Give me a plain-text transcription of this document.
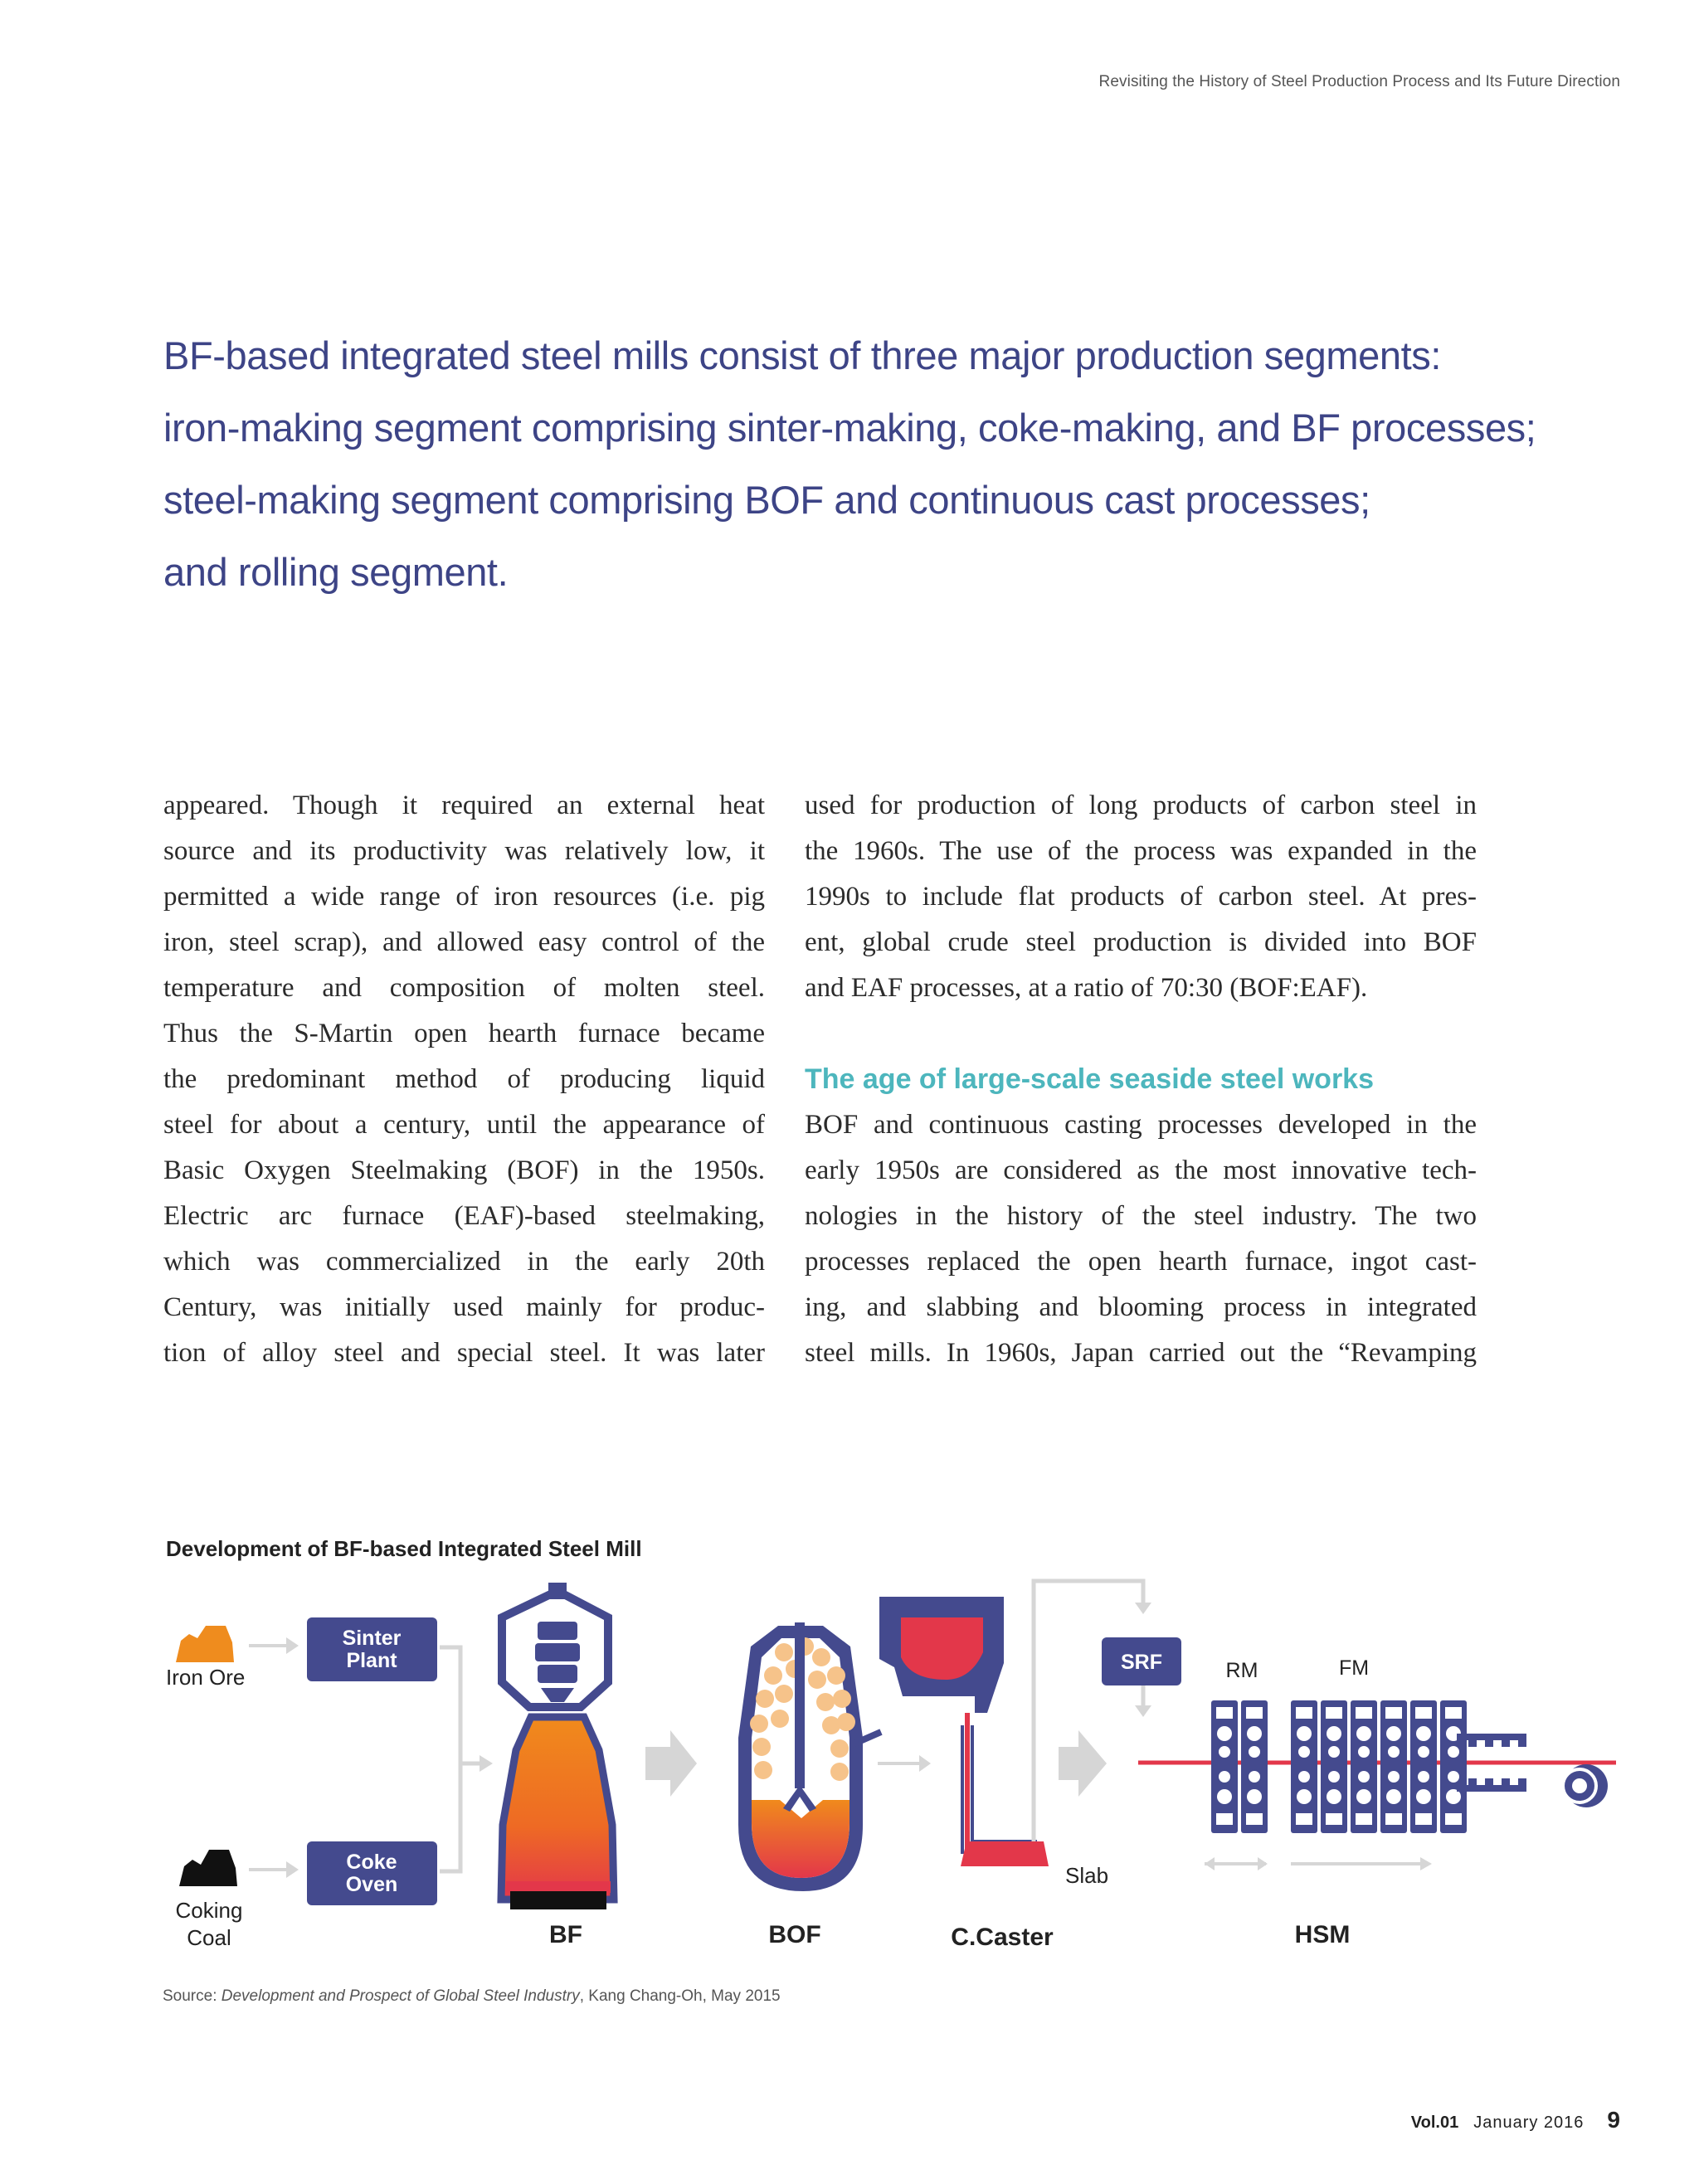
Revisiting the History of Steel Production Process and Its Future Direction
BF-based integrated steel mills consist of three major production segments:
iron-making segment comprising sinter-making, coke-making, and BF processes;
steel-making segment comprising BOF and continuous cast processes;
and rolling segment.
appeared. Though it required an external heat
source and its productivity was relatively low, it
permitted a wide range of iron resources (i.e. pig
iron, steel scrap), and allowed easy control of the
temperature and composition of molten steel.
Thus the S-Martin open hearth furnace became
the predominant method of producing liquid
steel for about a century, until the appearance of
Basic Oxygen Steelmaking (BOF) in the 1950s.
Electric arc furnace (EAF)-based steelmaking,
which was commercialized in the early 20th
Century, was initially used mainly for produc-
tion of alloy steel and special steel. It was later
used for production of long products of carbon steel in
the 1960s. The use of the process was expanded in the
1990s to include flat products of carbon steel. At pres-
ent, global crude steel production is divided into BOF
and EAF processes, at a ratio of 70:30 (BOF:EAF).
The age of large-scale seaside steel works
BOF and continuous casting processes developed in the
early 1950s are considered as the most innovative tech-
nologies in the history of the steel industry. The two
processes replaced the open hearth furnace, ingot cast-
ing, and slabbing and blooming process in integrated
steel mills. In 1960s, Japan carried out the “Revamping
Development of BF-based Integrated Steel Mill
Iron Ore
Coking
Coal
Sinter
Plant
Coke
Oven
BF	BOF
Slab
C.Caster
SRF	RM	FM
HSM
Source: Development and Prospect of Global Steel Industry, Kang Chang-Oh, May 2015
Vol.01 January 2016 9
